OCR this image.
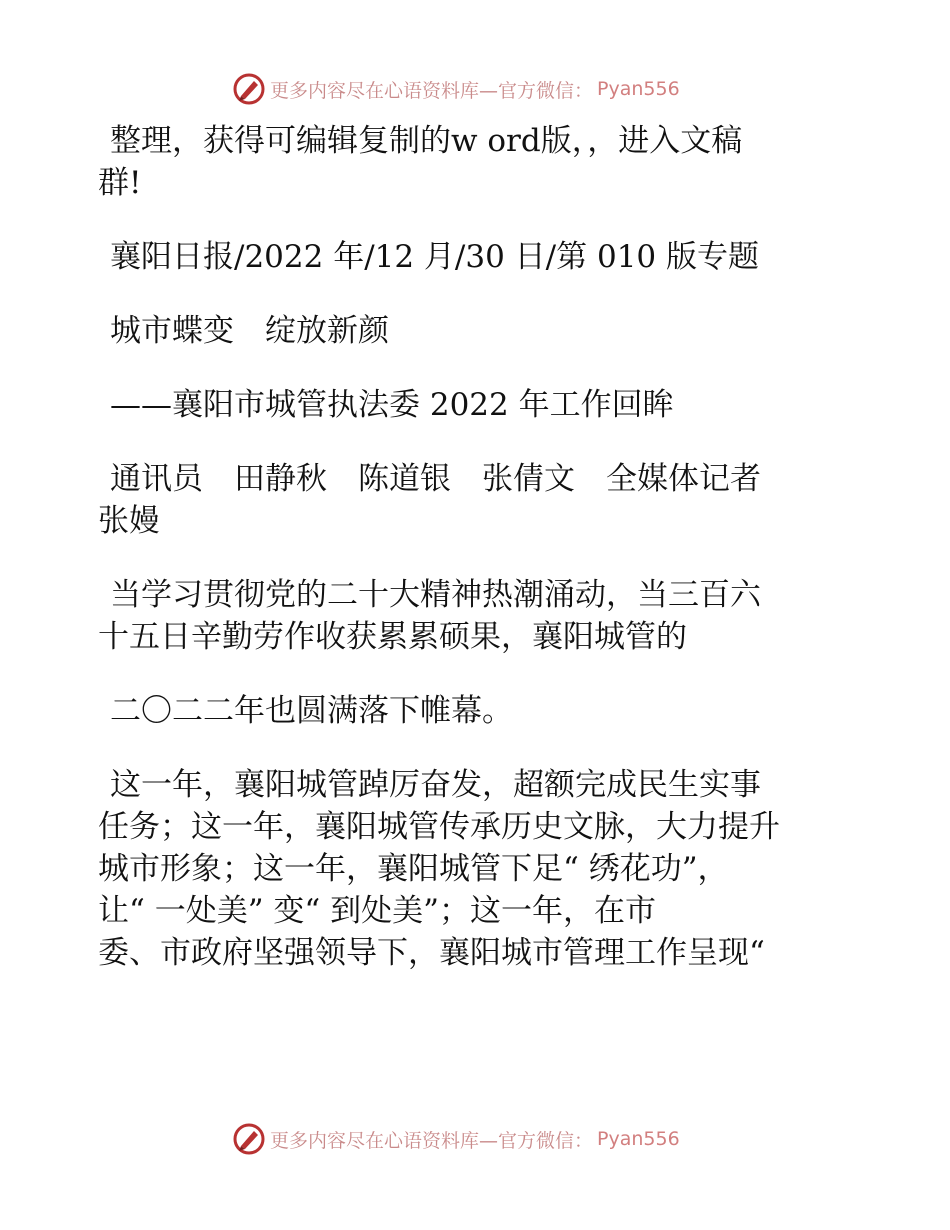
更多内容尽在心语资料库—官方微信： Pyan556

整理，获得可编辑复制的w ord版，，进入文稿
群!

襄阳日报/2022 年/12 月/30 日/第 010 版专题

城市蝶变　绽放新颜

——襄阳市城管执法委 2022 年工作回眸

通讯员　田静秋　陈道银　张倩文　全媒体记者
张嫚

当学习贯彻党的二十大精神热潮涌动，当三百六
十五日辛勤劳作收获累累硕果，襄阳城管的

二〇二二年也圆满落下帷幕。

这一年，襄阳城管踔厉奋发，超额完成民生实事
任务；这一年，襄阳城管传承历史文脉，大力提升
城市形象；这一年，襄阳城管下足“ 绣花功”，
让“ 一处美” 变“ 到处美”；这一年，在市
委、市政府坚强领导下，襄阳城市管理工作呈现“

更多内容尽在心语资料库—官方微信： Pyan556
